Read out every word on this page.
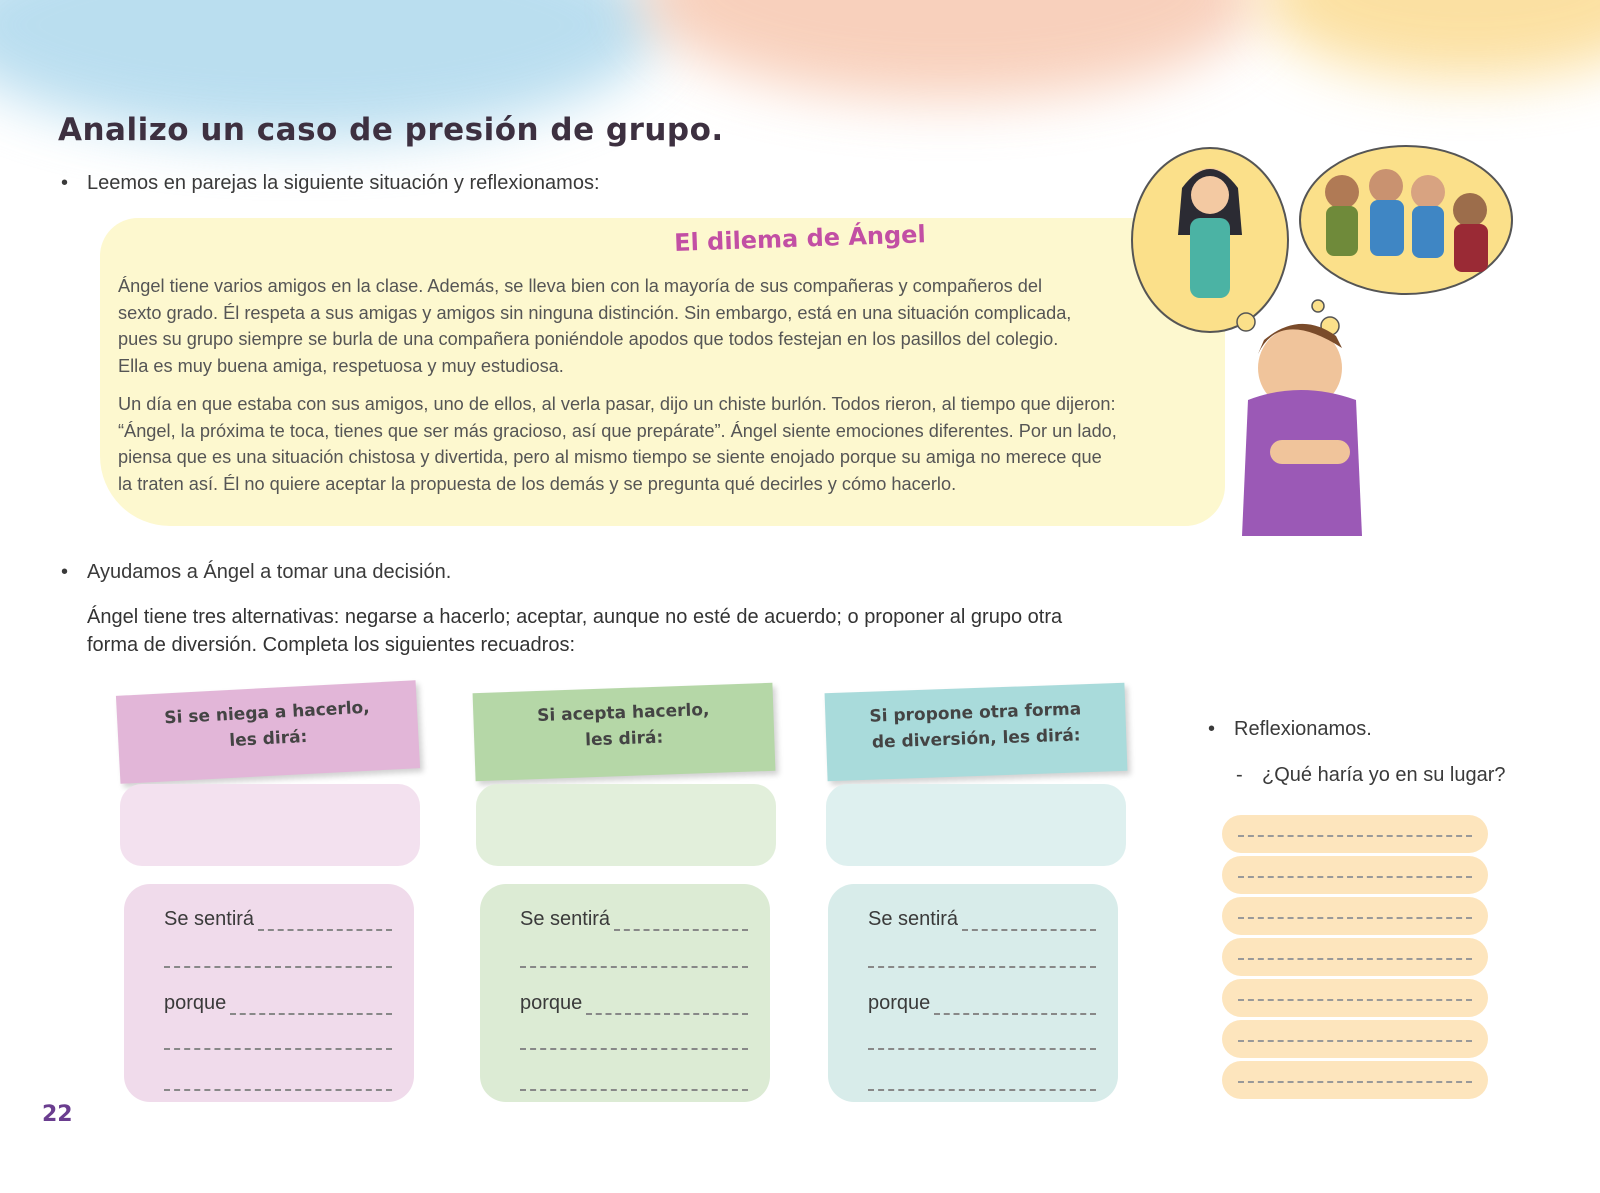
Analizo un caso de presión de grupo.
• Leemos en parejas la siguiente situación y reflexionamos:
El dilema de Ángel

Ángel tiene varios amigos en la clase. Además, se lleva bien con la mayoría de sus compañeras y compañeros del

sexto grado. Él respeta a sus amigas y amigos sin ninguna distinción. Sin embargo, está en una situación complicada,

pues su grupo siempre se burla de una compañera poniéndole apodos que todos festejan en los pasillos del colegio.

Ella es muy buena amiga, respetuosa y muy estudiosa.

Un día en que estaba con sus amigos, uno de ellos, al verla pasar, dijo un chiste burlón. Todos rieron, al tiempo que dijeron:

“Ángel, la próxima te toca, tienes que ser más gracioso, así que prepárate”. Ángel siente emociones diferentes. Por un lado,

piensa que es una situación chistosa y divertida, pero al mismo tiempo se siente enojado porque su amiga no merece que

la traten así. Él no quiere aceptar la propuesta de los demás y se pregunta qué decirles y cómo hacerlo.

• Ayudamos a Ángel a tomar una decisión.

Ángel tiene tres alternativas: negarse a hacerlo; aceptar, aunque no esté de acuerdo; o proponer al grupo otra

forma de diversión. Completa los siguientes recuadros:

Si se niega a hacerlo,
les dirá:
Se sentirá
porque
Si acepta hacerlo,
les dirá:
Se sentirá
porque
Si propone otra forma
de diversión, les dirá:
Se sentirá
porque
• Reflexionamos.
- ¿Qué haría yo en su lugar?
22
